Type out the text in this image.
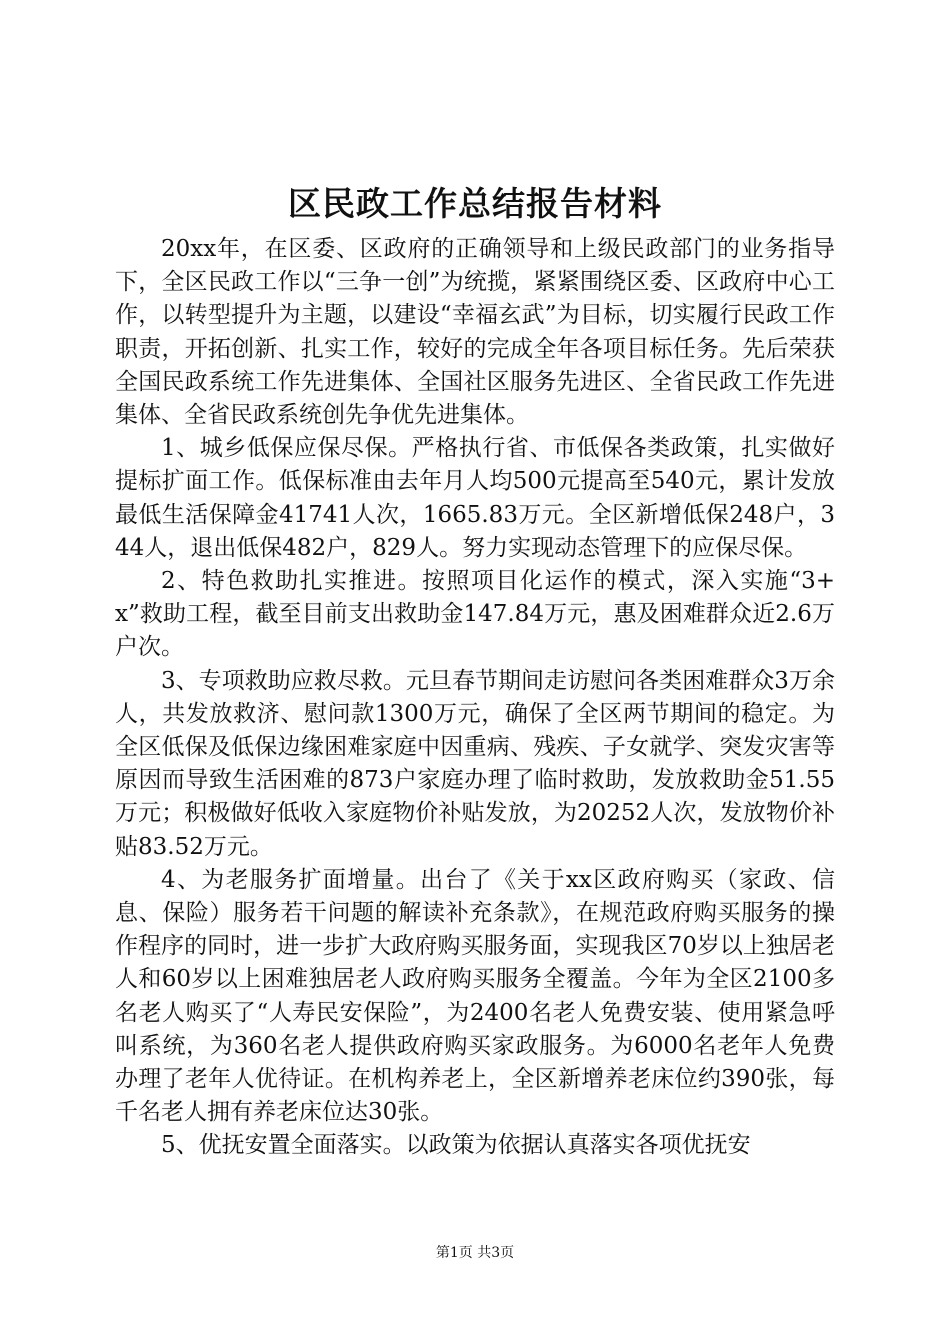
区民政工作总结报告材料

20xx年，在区委、区政府的正确领导和上级民政部门的业务指导下，全区民政工作以“三争一创”为统揽，紧紧围绕区委、区政府中心工作，以转型提升为主题，以建设“幸福玄武”为目标，切实履行民政工作职责，开拓创新、扎实工作，较好的完成全年各项目标任务。先后荣获全国民政系统工作先进集体、全国社区服务先进区、全省民政工作先进集体、全省民政系统创先争优先进集体。

1、城乡低保应保尽保。严格执行省、市低保各类政策，扎实做好提标扩面工作。低保标准由去年月人均500元提高至540元，累计发放最低生活保障金41741人次，1665.83万元。全区新增低保248户，344人，退出低保482户，829人。努力实现动态管理下的应保尽保。

2、特色救助扎实推进。按照项目化运作的模式，深入实施“3+x”救助工程，截至目前支出救助金147.84万元，惠及困难群众近2.6万户次。

3、专项救助应救尽救。元旦春节期间走访慰问各类困难群众3万余人，共发放救济、慰问款1300万元，确保了全区两节期间的稳定。为全区低保及低保边缘困难家庭中因重病、残疾、子女就学、突发灾害等原因而导致生活困难的873户家庭办理了临时救助，发放救助金51.55万元；积极做好低收入家庭物价补贴发放，为20252人次，发放物价补贴83.52万元。

4、为老服务扩面增量。出台了《关于xx区政府购买（家政、信息、保险）服务若干问题的解读补充条款》，在规范政府购买服务的操作程序的同时，进一步扩大政府购买服务面，实现我区70岁以上独居老人和60岁以上困难独居老人政府购买服务全覆盖。今年为全区2100多名老人购买了“人寿民安保险”，为2400名老人免费安装、使用紧急呼叫系统，为360名老人提供政府购买家政服务。为6000名老年人免费办理了老年人优待证。在机构养老上，全区新增养老床位约390张，每千名老人拥有养老床位达30张。

5、优抚安置全面落实。以政策为依据认真落实各项优抚安

第1页 共3页
